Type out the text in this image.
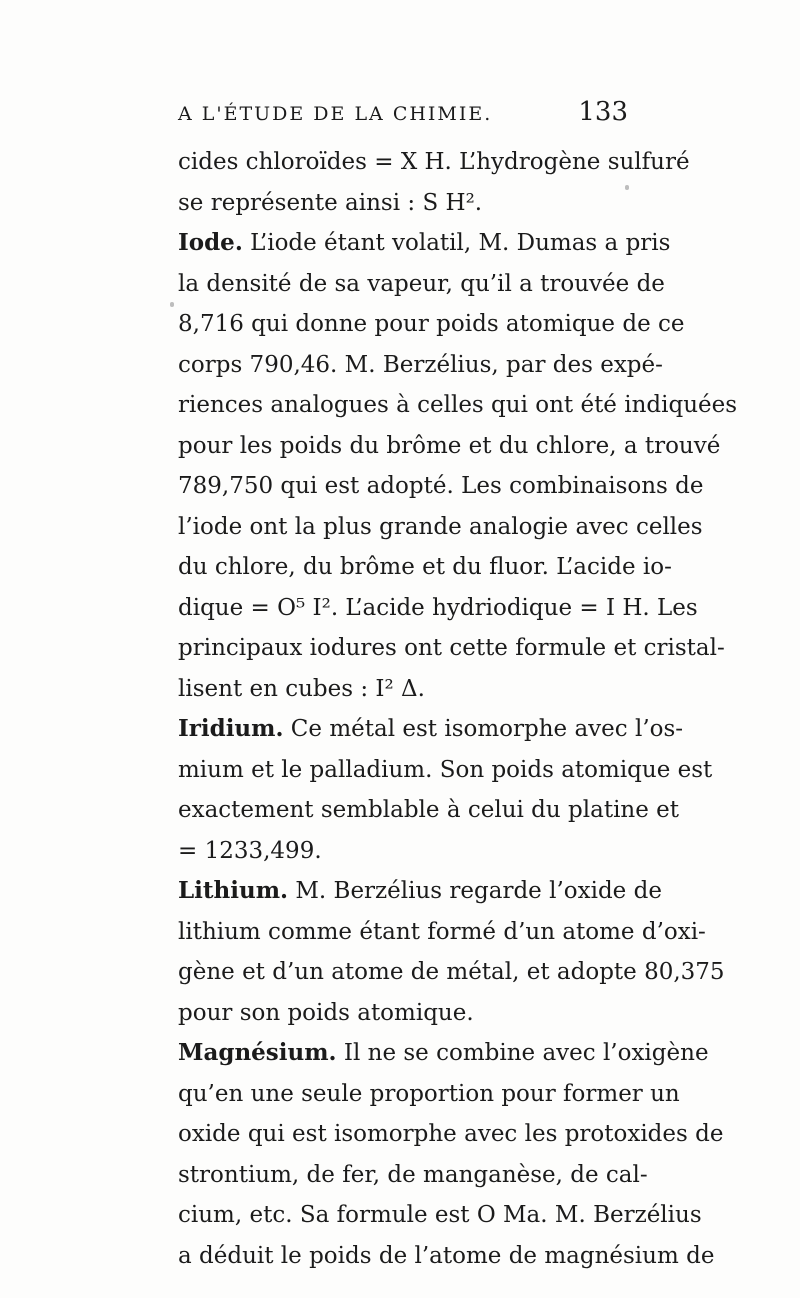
A L'ÉTUDE DE LA CHIMIE.	133
cides chloroïdes = X H. L’hydrogène sulfuré
se représente ainsi : S H².
Iode. L’iode étant volatil, M. Dumas a pris
la densité de sa vapeur, qu’il a trouvée de
8,716 qui donne pour poids atomique de ce
corps 790,46. M. Berzélius, par des expé-
riences analogues à celles qui ont été indiquées
pour les poids du brôme et du chlore, a trouvé
789,750 qui est adopté. Les combinaisons de
l’iode ont la plus grande analogie avec celles
du chlore, du brôme et du fluor. L’acide io-
dique = O⁵ I². L’acide hydriodique = I H. Les
principaux iodures ont cette formule et cristal-
lisent en cubes : I² Δ.
Iridium. Ce métal est isomorphe avec l’os-
mium et le palladium. Son poids atomique est
exactement semblable à celui du platine et
= 1233,499.
Lithium. M. Berzélius regarde l’oxide de
lithium comme étant formé d’un atome d’oxi-
gène et d’un atome de métal, et adopte 80,375
pour son poids atomique.
Magnésium. Il ne se combine avec l’oxigène
qu’en une seule proportion pour former un
oxide qui est isomorphe avec les protoxides de
strontium, de fer, de manganèse, de cal-
cium, etc. Sa formule est O Ma. M. Berzélius
a déduit le poids de l’atome de magnésium de
